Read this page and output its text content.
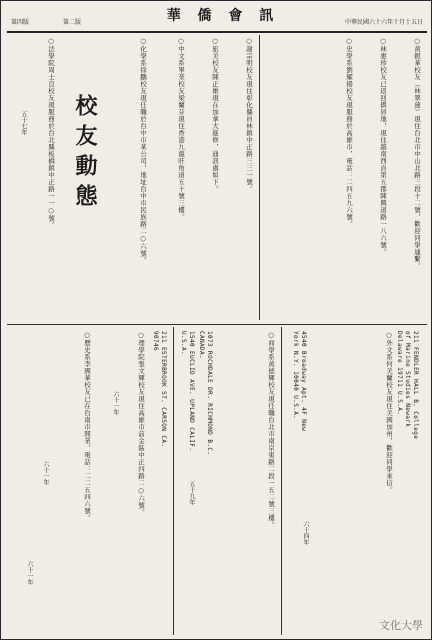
第四版	第二版	華 僑 會 訊	中華民國六十六年十月十五日
○黃銀華校友（林翠蓮）現住台北市中山北路三段十二號，歡迎同學連繫。
○林惠珍校友已返回僑居地，現住越南西貢第五郡陳興道路一八六號。
○史學系劉耀揚校友現服務於高雄市，電話：二四五九六號。
○謝宗明校友現住彰化縣員林鎮中正路三三一號。
○旅美校友陳正雄現在加拿大進修，通訊處如下。
○中文系畢業校友梁蘭芬現住香港九龍旺角道五十號三樓。
○化學系徐鵬校友現任職於台中市某公司，地址台中市民族路二○六號。
校友動態
○法學院周士良校友現服務於台北縣板橋鎮中正路一一○號。
五十七年
211 FENDLER HALL B. College of Marine Studies Newark Delaware 19711 U.S.A.
○外文系何美蘭校友現住美國加州，歡迎同學來信。
4540 Broadway Apt. 4F New York N.Y. 10040 U.S.A.
六十四年
○商學系黃德輝校友現任職台北市南京東路二段一五二號三樓。
1073 ROCHDALE DR. RICHMOND B.C. CANADA.
1540 EUCLID AVE. UPLAND CALIF. U.S.A.
五十九年
211 ESTERBROOK ST. CARSON CA. 90746
○理學院張文輝校友現住高雄市前金區中正四路二○六號。
六十一年
○歷史系李國華校友已在台南市開業，電話：二二五四六號。
六十一年
六十一年
文化大學
